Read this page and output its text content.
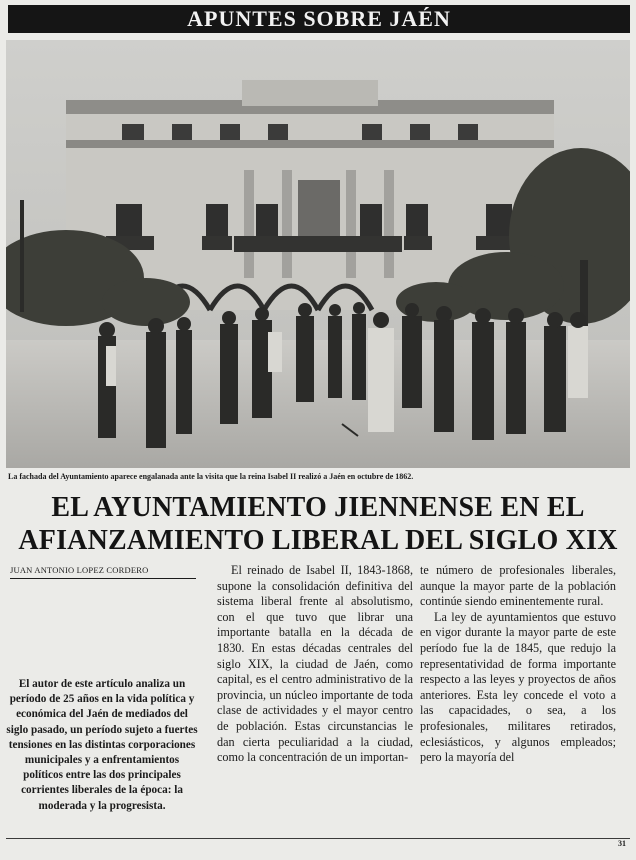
APUNTES SOBRE JAÉN
La fachada del Ayuntamiento aparece engalanada ante la visita que la reina Isabel II realizó a Jaén en octubre de 1862.
EL AYUNTAMIENTO JIENNENSE EN EL
AFIANZAMIENTO LIBERAL DEL SIGLO XIX
JUAN ANTONIO LOPEZ CORDERO
El autor de este artículo analiza un período de 25 años en la vida política y económica del Jaén de mediados del siglo pasado, un período sujeto a fuertes tensiones en las distintas corporaciones municipales y a enfrentamientos políticos entre las dos principales corrientes liberales de la época: la moderada y la progresista.

El reinado de Isabel II, 1843-1868, supone la consolidación definitiva del sistema liberal frente al absolutismo, con el que tuvo que librar una importante batalla en la década de 1830. En estas décadas centrales del siglo XIX, la ciudad de Jaén, como capital, es el centro administrativo de la provincia, un núcleo importante de toda clase de actividades y el mayor centro de población. Estas circunstancias le dan cierta peculiaridad a la ciudad, como la concentración de un importan-

te número de profesionales liberales, aunque la mayor parte de la población continúe siendo eminentemente rural.

La ley de ayuntamientos que estuvo en vigor durante la mayor parte de este período fue la de 1845, que redujo la representatividad de forma importante respecto a las leyes y proyectos de años anteriores. Esta ley concede el voto a las capacidades, o sea, a los profesionales, militares retirados, eclesiásticos, y algunos empleados; pero la mayoría del

31
